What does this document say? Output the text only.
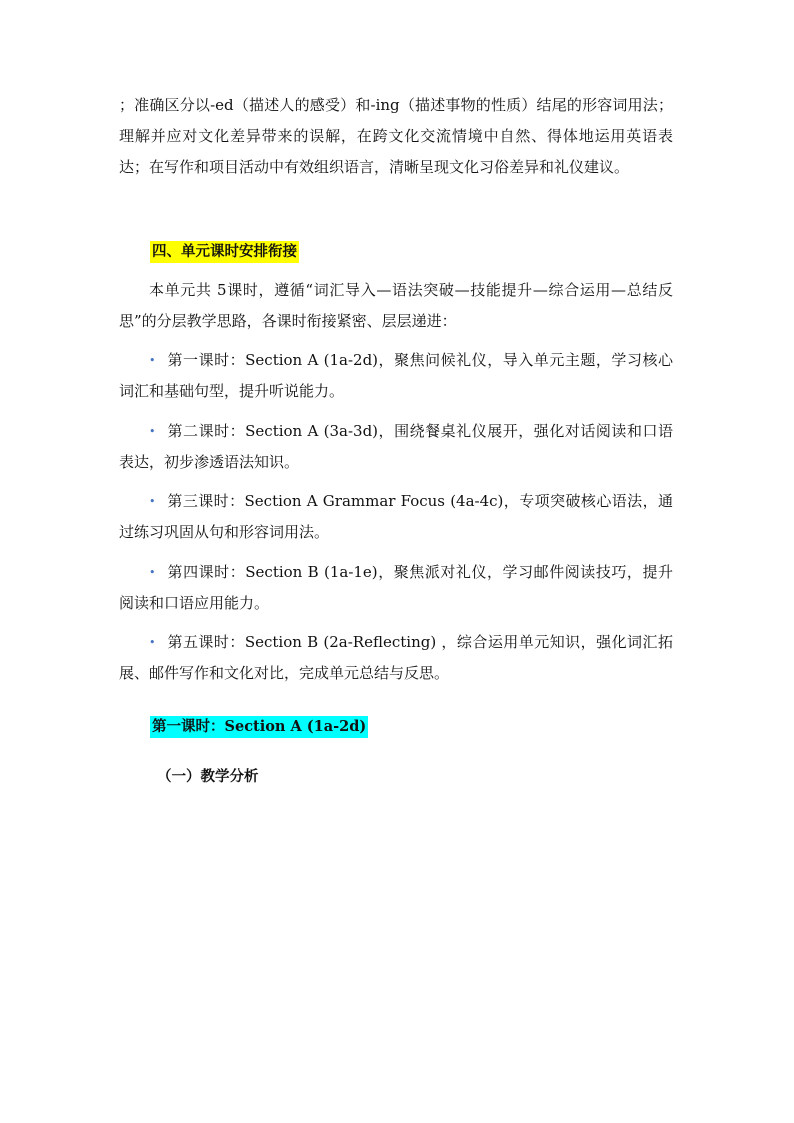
；准确区分以-ed（描述人的感受）和-ing（描述事物的性质）结尾的形容词用法；理解并应对文化差异带来的误解，在跨文化交流情境中自然、得体地运用英语表达；在写作和项目活动中有效组织语言，清晰呈现文化习俗差异和礼仪建议。

四、单元课时安排衔接

本单元共 5课时，遵循“词汇导入—语法突破—技能提升—综合运用—总结反思”的分层教学思路，各课时衔接紧密、层层递进：

• 第一课时：Section A (1a-2d)，聚焦问候礼仪，导入单元主题，学习核心词汇和基础句型，提升听说能力。

• 第二课时：Section A (3a-3d)，围绕餐桌礼仪展开，强化对话阅读和口语表达，初步渗透语法知识。

• 第三课时：Section A Grammar Focus (4a-4c)，专项突破核心语法，通过练习巩固从句和形容词用法。

• 第四课时：Section B (1a-1e)，聚焦派对礼仪，学习邮件阅读技巧，提升阅读和口语应用能力。

• 第五课时：Section B (2a-Reflecting) ，综合运用单元知识，强化词汇拓展、邮件写作和文化对比，完成单元总结与反思。

第一课时：Section A (1a-2d)
（一）教学分析
